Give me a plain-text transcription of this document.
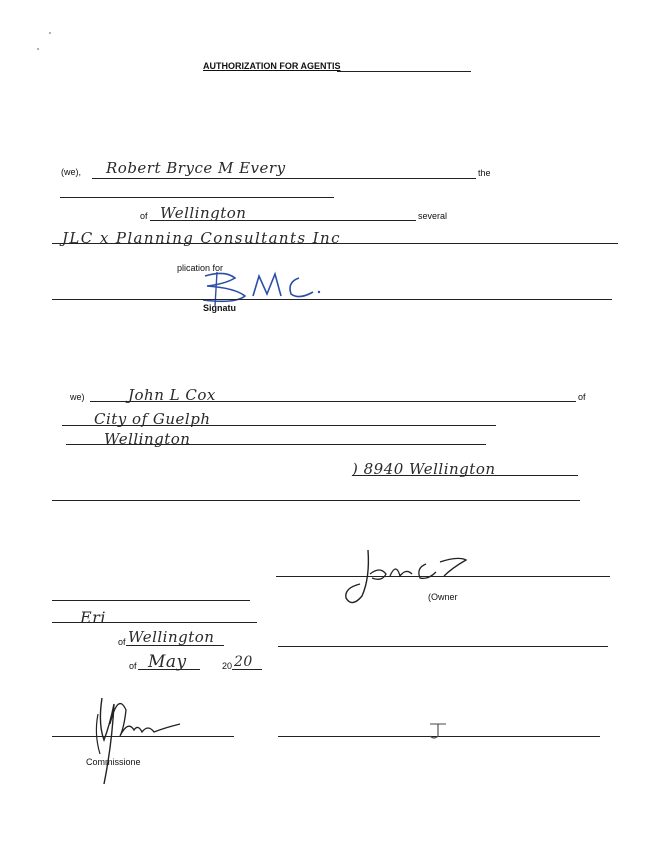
AUTHORIZATION FOR AGENTIS
(we), Robert Bryce M Every	the
of Wellington	several
JLC x Planning Consultants Inc
plication for
Signatu
we)	John L Cox	of
City of Guelph
Wellington
) 8940 Wellington
(Owner
Eri
of Wellington
of May	20 20
Commissione
